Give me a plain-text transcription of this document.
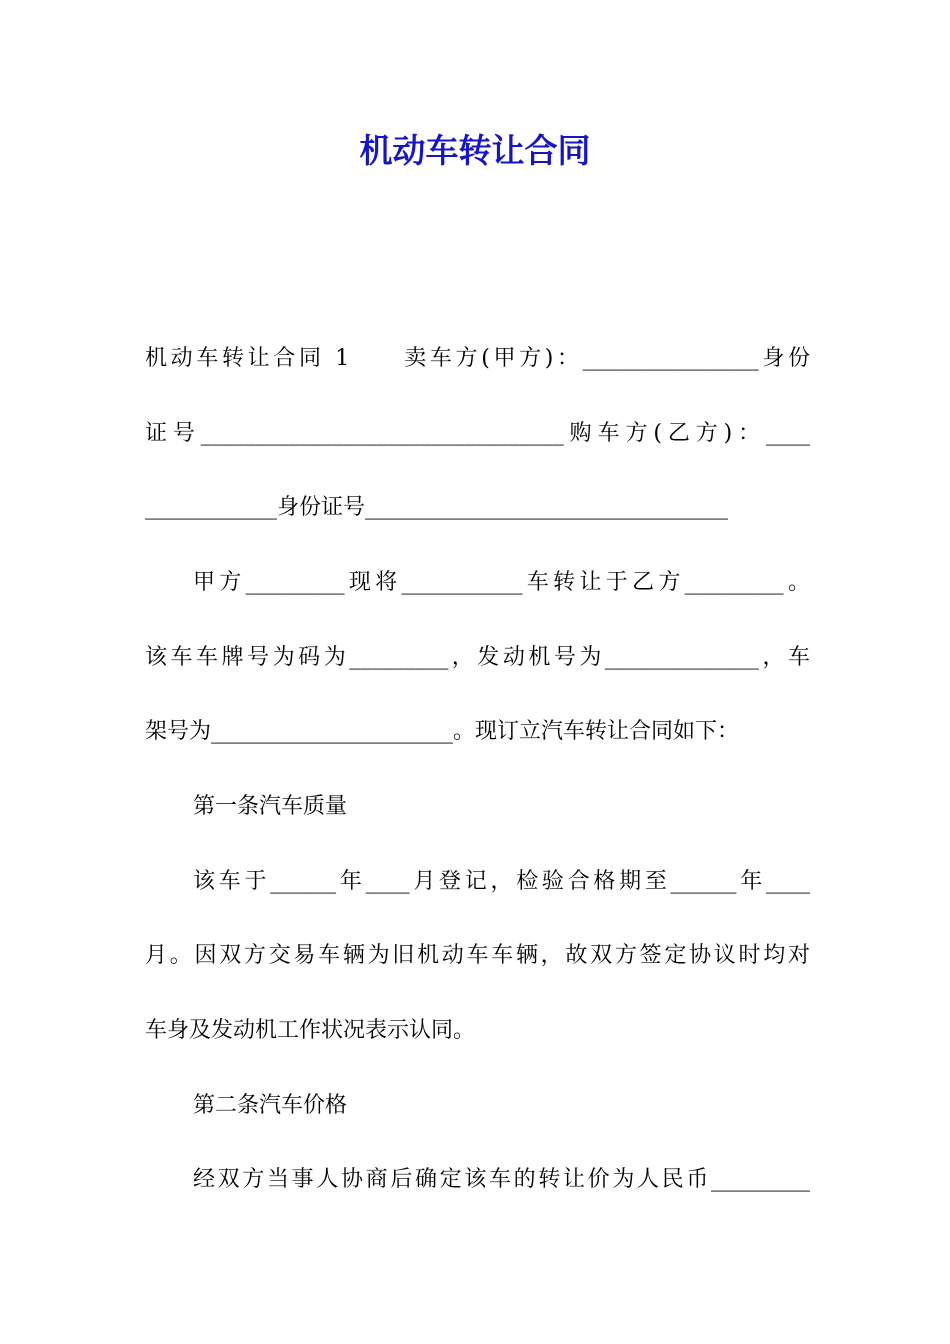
机动车转让合同
机动车转让合同 1　　卖车方(甲方)：________________身份
证号_________________________________购车方(乙方)：____
____________身份证号_________________________________
甲方_________现将___________车转让于乙方_________。
该车车牌号为码为_________，发动机号为______________，车
架号为______________________。现订立汽车转让合同如下：
第一条汽车质量
该车于______年____月登记，检验合格期至______年____
月。因双方交易车辆为旧机动车车辆，故双方签定协议时均对
车身及发动机工作状况表示认同。
第二条汽车价格
经双方当事人协商后确定该车的转让价为人民币_________
